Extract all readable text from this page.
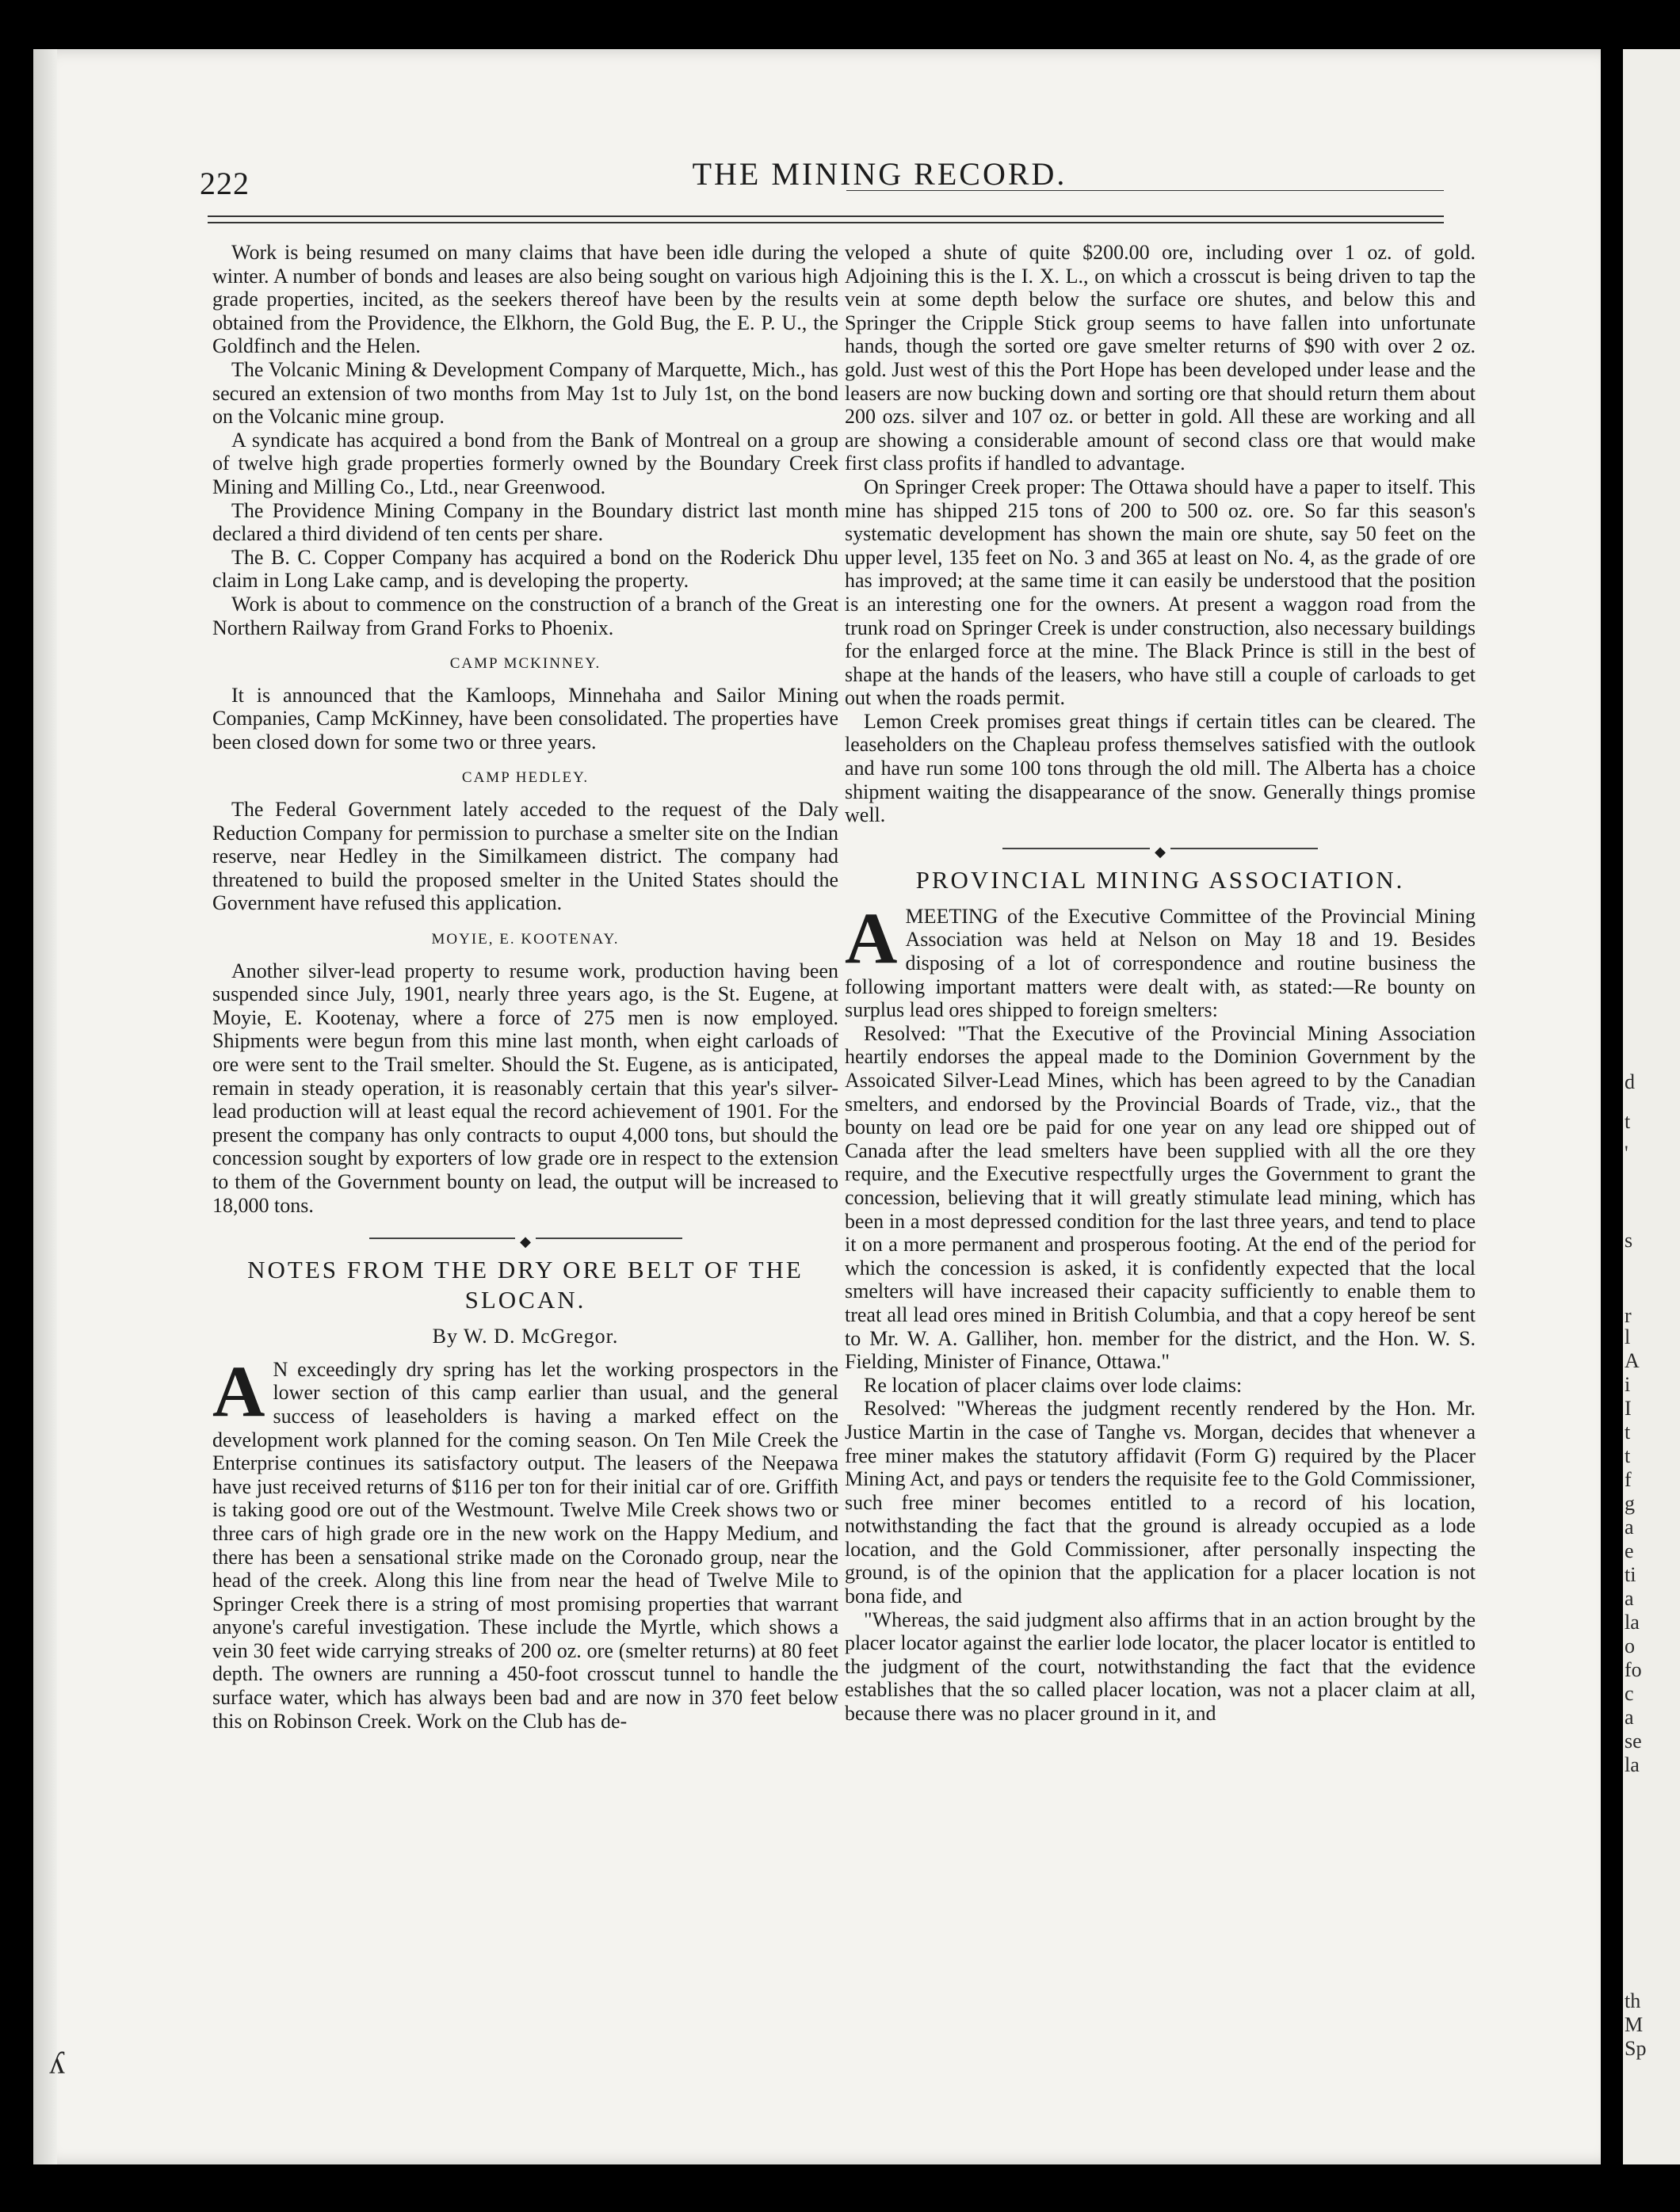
ʎ
d
t
'
s
r
l
A
i
I
t
t
f
g
a
e
ti
a
la
o
fo
c
a
se
la
th
M
Sp
222	THE MINING RECORD.

Work is being resumed on many claims that have been idle during the winter. A number of bonds and leases are also being sought on various high grade properties, incited, as the seekers thereof have been by the results obtained from the Providence, the Elkhorn, the Gold Bug, the E. P. U., the Goldfinch and the Helen.

The Volcanic Mining & Development Company of Marquette, Mich., has secured an extension of two months from May 1st to July 1st, on the bond on the Volcanic mine group.

A syndicate has acquired a bond from the Bank of Montreal on a group of twelve high grade properties formerly owned by the Boundary Creek Mining and Milling Co., Ltd., near Greenwood.

The Providence Mining Company in the Boundary district last month declared a third dividend of ten cents per share.

The B. C. Copper Company has acquired a bond on the Roderick Dhu claim in Long Lake camp, and is developing the property.

Work is about to commence on the construction of a branch of the Great Northern Railway from Grand Forks to Phoenix.

CAMP MCKINNEY.

It is announced that the Kamloops, Minnehaha and Sailor Mining Companies, Camp McKinney, have been consolidated. The properties have been closed down for some two or three years.

CAMP HEDLEY.

The Federal Government lately acceded to the request of the Daly Reduction Company for permission to purchase a smelter site on the Indian reserve, near Hedley in the Similkameen district. The company had threatened to build the proposed smelter in the United States should the Government have refused this application.

MOYIE, E. KOOTENAY.

Another silver-lead property to resume work, production having been suspended since July, 1901, nearly three years ago, is the St. Eugene, at Moyie, E. Kootenay, where a force of 275 men is now employed. Shipments were begun from this mine last month, when eight carloads of ore were sent to the Trail smelter. Should the St. Eugene, as is anticipated, remain in steady operation, it is reasonably certain that this year's silver-lead production will at least equal the record achievement of 1901. For the present the company has only contracts to ouput 4,000 tons, but should the concession sought by exporters of low grade ore in respect to the extension to them of the Government bounty on lead, the output will be increased to 18,000 tons.

◆
NOTES FROM THE DRY ORE BELT OF THE SLOCAN.
By W. D. McGregor.

A N exceedingly dry spring has let the working prospectors in the lower section of this camp earlier than usual, and the general success of leaseholders is having a marked effect on the development work planned for the coming season. On Ten Mile Creek the Enterprise continues its satisfactory output. The leasers of the Neepawa have just received returns of $116 per ton for their initial car of ore. Griffith is taking good ore out of the Westmount. Twelve Mile Creek shows two or three cars of high grade ore in the new work on the Happy Medium, and there has been a sensational strike made on the Coronado group, near the head of the creek. Along this line from near the head of Twelve Mile to Springer Creek there is a string of most promising properties that warrant anyone's careful investigation. These include the Myrtle, which shows a vein 30 feet wide carrying streaks of 200 oz. ore (smelter returns) at 80 feet depth. The owners are running a 450-foot crosscut tunnel to handle the surface water, which has always been bad and are now in 370 feet below this on Robinson Creek. Work on the Club has de-

veloped a shute of quite $200.00 ore, including over 1 oz. of gold. Adjoining this is the I. X. L., on which a crosscut is being driven to tap the vein at some depth below the surface ore shutes, and below this and Springer the Cripple Stick group seems to have fallen into unfortunate hands, though the sorted ore gave smelter returns of $90 with over 2 oz. gold. Just west of this the Port Hope has been developed under lease and the leasers are now bucking down and sorting ore that should return them about 200 ozs. silver and 107 oz. or better in gold. All these are working and all are showing a considerable amount of second class ore that would make first class profits if handled to advantage.

On Springer Creek proper: The Ottawa should have a paper to itself. This mine has shipped 215 tons of 200 to 500 oz. ore. So far this season's systematic development has shown the main ore shute, say 50 feet on the upper level, 135 feet on No. 3 and 365 at least on No. 4, as the grade of ore has improved; at the same time it can easily be understood that the position is an interesting one for the owners. At present a waggon road from the trunk road on Springer Creek is under construction, also necessary buildings for the enlarged force at the mine. The Black Prince is still in the best of shape at the hands of the leasers, who have still a couple of carloads to get out when the roads permit.

Lemon Creek promises great things if certain titles can be cleared. The leaseholders on the Chapleau profess themselves satisfied with the outlook and have run some 100 tons through the old mill. The Alberta has a choice shipment waiting the disappearance of the snow. Generally things promise well.

◆
PROVINCIAL MINING ASSOCIATION.

AMEETING of the Executive Committee of the Provincial Mining Association was held at Nelson on May 18 and 19. Besides disposing of a lot of correspondence and routine business the following important matters were dealt with, as stated:—Re bounty on surplus lead ores shipped to foreign smelters:

Resolved: "That the Executive of the Provincial Mining Association heartily endorses the appeal made to the Dominion Government by the Assoicated Silver-Lead Mines, which has been agreed to by the Canadian smelters, and endorsed by the Provincial Boards of Trade, viz., that the bounty on lead ore be paid for one year on any lead ore shipped out of Canada after the lead smelters have been supplied with all the ore they require, and the Executive respectfully urges the Government to grant the concession, believing that it will greatly stimulate lead mining, which has been in a most depressed condition for the last three years, and tend to place it on a more permanent and prosperous footing. At the end of the period for which the concession is asked, it is confidently expected that the local smelters will have increased their capacity sufficiently to enable them to treat all lead ores mined in British Columbia, and that a copy hereof be sent to Mr. W. A. Galliher, hon. member for the district, and the Hon. W. S. Fielding, Minister of Finance, Ottawa."

Re location of placer claims over lode claims:

Resolved: "Whereas the judgment recently rendered by the Hon. Mr. Justice Martin in the case of Tanghe vs. Morgan, decides that whenever a free miner makes the statutory affidavit (Form G) required by the Placer Mining Act, and pays or tenders the requisite fee to the Gold Commissioner, such free miner becomes entitled to a record of his location, notwithstanding the fact that the ground is already occupied as a lode location, and the Gold Commissioner, after personally inspecting the ground, is of the opinion that the application for a placer location is not bona fide, and

"Whereas, the said judgment also affirms that in an action brought by the placer locator against the earlier lode locator, the placer locator is entitled to the judgment of the court, notwithstanding the fact that the evidence establishes that the so called placer location, was not a placer claim at all, because there was no placer ground in it, and
